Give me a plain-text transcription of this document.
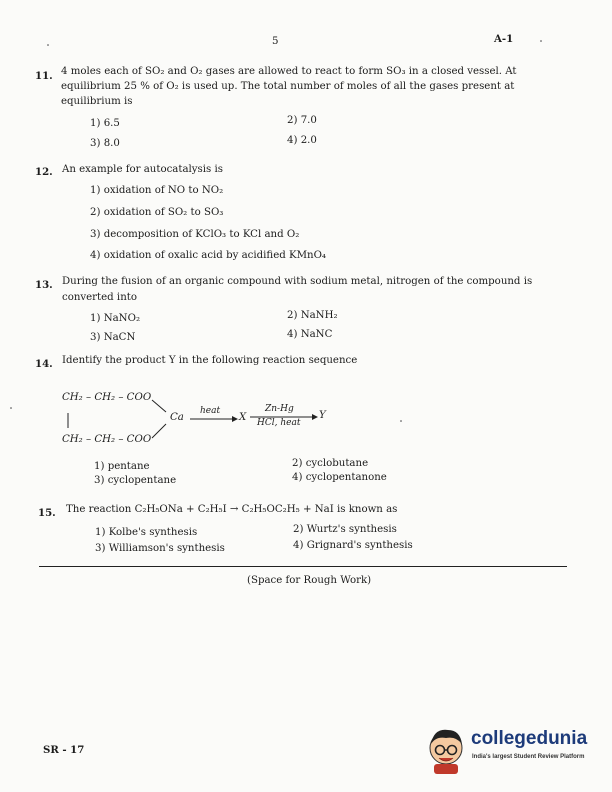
5	A-1
11. 4 moles each of SO₂ and O₂ gases are allowed to react to form SO₃ in a closed vessel. At
equilibrium 25 % of O₂ is used up. The total number of moles of all the gases present at
equilibrium is
1) 6.5	2) 7.0
3) 8.0	4) 2.0
12. An example for autocatalysis is
1) oxidation of NO to NO₂
2) oxidation of SO₂ to SO₃
3) decomposition of KClO₃ to KCl and O₂
4) oxidation of oxalic acid by acidified KMnO₄
13. During the fusion of an organic compound with sodium metal, nitrogen of the compound is
converted into
1) NaNO₂	2) NaNH₂
3) NaCN	4) NaNC
14. Identify the product Y in the following reaction sequence
CH₂ – CH₂ – COO
Ca
heat
X
Zn-Hg
HCl, heat
Y
CH₂ – CH₂ – COO
1) pentane	2) cyclobutane
3) cyclopentane	4) cyclopentanone
15. The reaction C₂H₅ONa + C₂H₅I → C₂H₅OC₂H₅ + NaI is known as
1) Kolbe's synthesis	2) Wurtz's synthesis
3) Williamson's synthesis	4) Grignard's synthesis
(Space for Rough Work)
SR - 17
collegedunia
India's largest Student Review Platform
